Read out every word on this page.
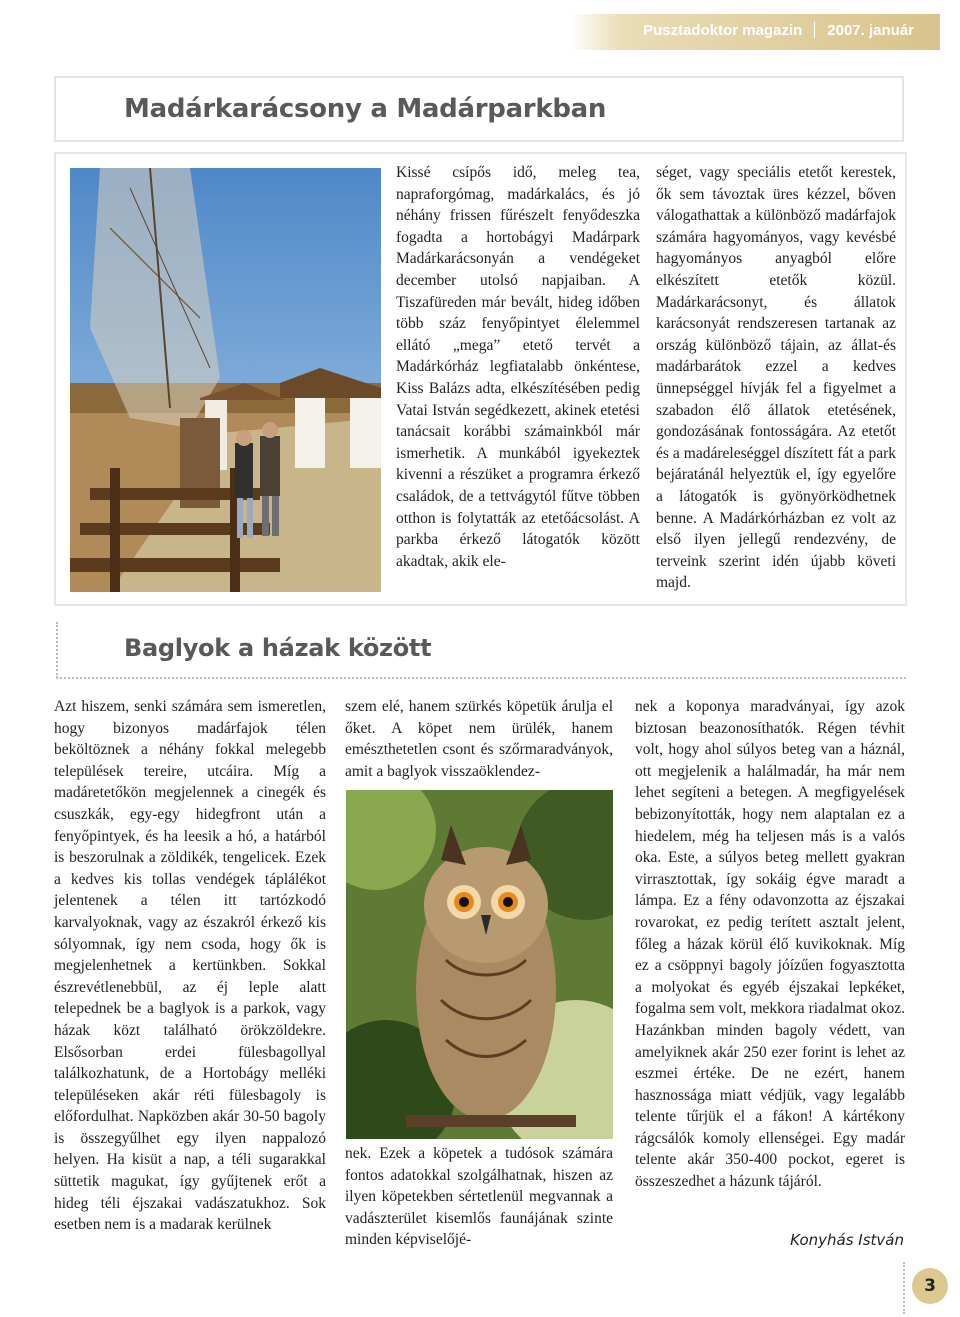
Pusztadoktor magazin 2007. január
Madárkarácsony a Madárparkban
Kissé csípős idő, meleg tea, napraforgómag, madárkalács, és jó néhány frissen fűrészelt fenyődeszka fogadta a hortobágyi Madárpark Madárkarácsonyán a vendégeket december utolsó napjaiban. A Tiszafüreden már bevált, hideg időben több száz fenyőpintyet élelemmel ellátó „mega” etető tervét a Madárkórház legfiatalabb önkéntese, Kiss Balázs adta, elkészítésében pedig Vatai István segédkezett, akinek etetési tanácsait korábbi számainkból már ismerhetik. A munkából igyekeztek kivenni a részüket a programra érkező családok, de a tettvágytól fűtve többen otthon is folytatták az etetőácsolást. A parkba érkező látogatók között akadtak, akik ele-
séget, vagy speciális etetőt kerestek, ők sem távoztak üres kézzel, bőven válogathattak a különböző madárfajok számára hagyományos, vagy kevésbé hagyományos anyagból előre elkészített etetők közül. Madárkarácsonyt, és állatok karácsonyát rendszeresen tartanak az ország különböző tájain, az állat-és madárbarátok ezzel a kedves ünnepséggel hívják fel a figyelmet a szabadon élő állatok etetésének, gondozásának fontosságára. Az etetőt és a madáreleséggel díszített fát a park bejáratánál helyeztük el, így egyelőre a látogatók is gyönyörködhetnek benne. A Madárkórházban ez volt az első ilyen jellegű rendezvény, de terveink szerint idén újabb követi majd.
Baglyok a házak között
Azt hiszem, senki számára sem ismeretlen, hogy bizonyos madárfajok télen beköltöznek a néhány fokkal melegebb települések tereire, utcáira. Míg a madáretetőkön megjelennek a cinegék és csuszkák, egy-egy hidegfront után a fenyőpintyek, és ha leesik a hó, a határból is beszorulnak a zöldikék, tengelicek. Ezek a kedves kis tollas vendégek táplálékot jelentenek a télen itt tartózkodó karvalyoknak, vagy az északról érkező kis sólyomnak, így nem csoda, hogy ők is megjelenhetnek a kertünkben. Sokkal észrevétlenebbül, az éj leple alatt telepednek be a baglyok is a parkok, vagy házak közt található örökzöldekre. Elsősorban erdei fülesbagollyal találkozhatunk, de a Hortobágy melléki településeken akár réti fülesbagoly is előfordulhat. Napközben akár 30-50 bagoly is összegyűlhet egy ilyen nappalozó helyen. Ha kisüt a nap, a téli sugarakkal süttetik magukat, így gyűjtenek erőt a hideg téli éjszakai vadászatukhoz. Sok esetben nem is a madarak kerülnek
szem elé, hanem szürkés köpetük árulja el őket. A köpet nem ürülék, hanem emészthetetlen csont és szőrmaradványok, amit a baglyok visszaöklendez-
nek. Ezek a köpetek a tudósok számára fontos adatokkal szolgálhatnak, hiszen az ilyen köpetekben sértetlenül megvannak a vadászterület kisemlős faunájának szinte minden képviselőjé-
nek a koponya maradványai, így azok biztosan beazonosíthatók. Régen tévhit volt, hogy ahol súlyos beteg van a háznál, ott megjelenik a halálmadár, ha már nem lehet segíteni a betegen. A megfigyelések bebizonyították, hogy nem alaptalan ez a hiedelem, még ha teljesen más is a valós oka. Este, a súlyos beteg mellett gyakran virrasztottak, így sokáig égve maradt a lámpa. Ez a fény odavonzotta az éjszakai rovarokat, ez pedig terített asztalt jelent, főleg a házak körül élő kuvikoknak. Míg ez a csöppnyi bagoly jóízűen fogyasztotta a molyokat és egyéb éjszakai lepkéket, fogalma sem volt, mekkora riadalmat okoz. Hazánkban minden bagoly védett, van amelyiknek akár 250 ezer forint is lehet az eszmei értéke. De ne ezért, hanem hasznossága miatt védjük, vagy legalább telente tűrjük el a fákon! A kártékony rágcsálók komoly ellenségei. Egy madár telente akár 350-400 pockot, egeret is összeszedhet a házunk tájáról.
Konyhás István
3
